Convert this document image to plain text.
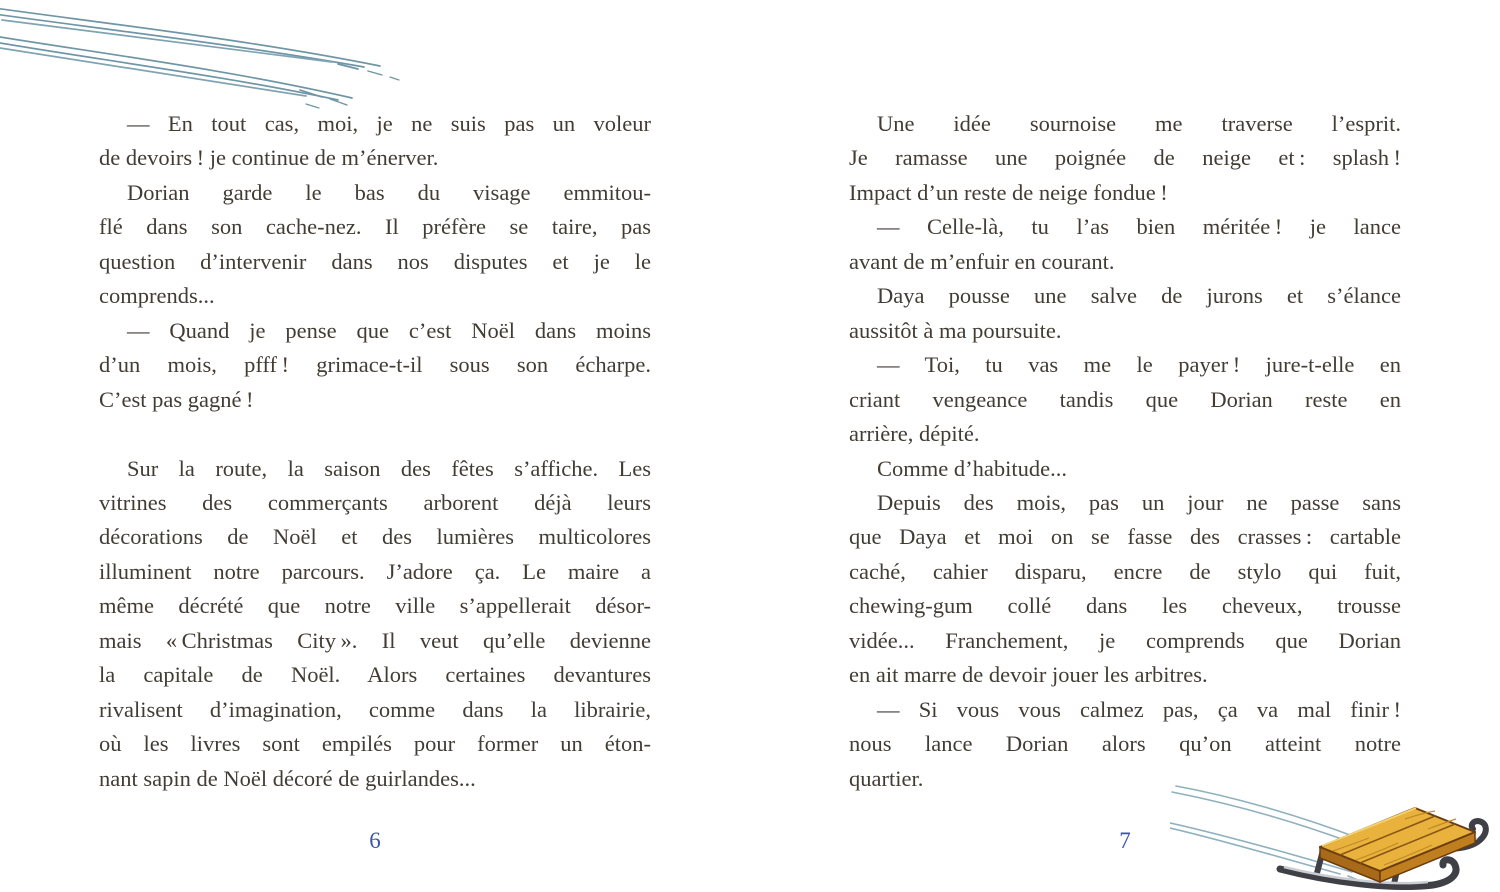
— En tout cas, moi, je ne suis pas un voleur
de devoirs ! je continue de m’énerver.
Dorian garde le bas du visage emmitou-
flé dans son cache-nez. Il préfère se taire, pas
question d’intervenir dans nos disputes et je le
comprends...
— Quand je pense que c’est Noël dans moins
d’un mois, pfff ! grimace-t-il sous son écharpe.
C’est pas gagné !
Sur la route, la saison des fêtes s’affiche. Les
vitrines des commerçants arborent déjà leurs
décorations de Noël et des lumières multicolores
illuminent notre parcours. J’adore ça. Le maire a
même décrété que notre ville s’appellerait désor-
mais « Christmas City ». Il veut qu’elle devienne
la capitale de Noël. Alors certaines devantures
rivalisent d’imagination, comme dans la librairie,
où les livres sont empilés pour former un éton-
nant sapin de Noël décoré de guirlandes...
Une idée sournoise me traverse l’esprit.
Je ramasse une poignée de neige et : splash !
Impact d’un reste de neige fondue !
— Celle-là, tu l’as bien méritée ! je lance
avant de m’enfuir en courant.
Daya pousse une salve de jurons et s’élance
aussitôt à ma poursuite.
— Toi, tu vas me le payer ! jure-t-elle en
criant vengeance tandis que Dorian reste en
arrière, dépité.
Comme d’habitude...
Depuis des mois, pas un jour ne passe sans
que Daya et moi on se fasse des crasses : cartable
caché, cahier disparu, encre de stylo qui fuit,
chewing-gum collé dans les cheveux, trousse
vidée... Franchement, je comprends que Dorian
en ait marre de devoir jouer les arbitres.
— Si vous vous calmez pas, ça va mal finir !
nous lance Dorian alors qu’on atteint notre
quartier.
6	7
